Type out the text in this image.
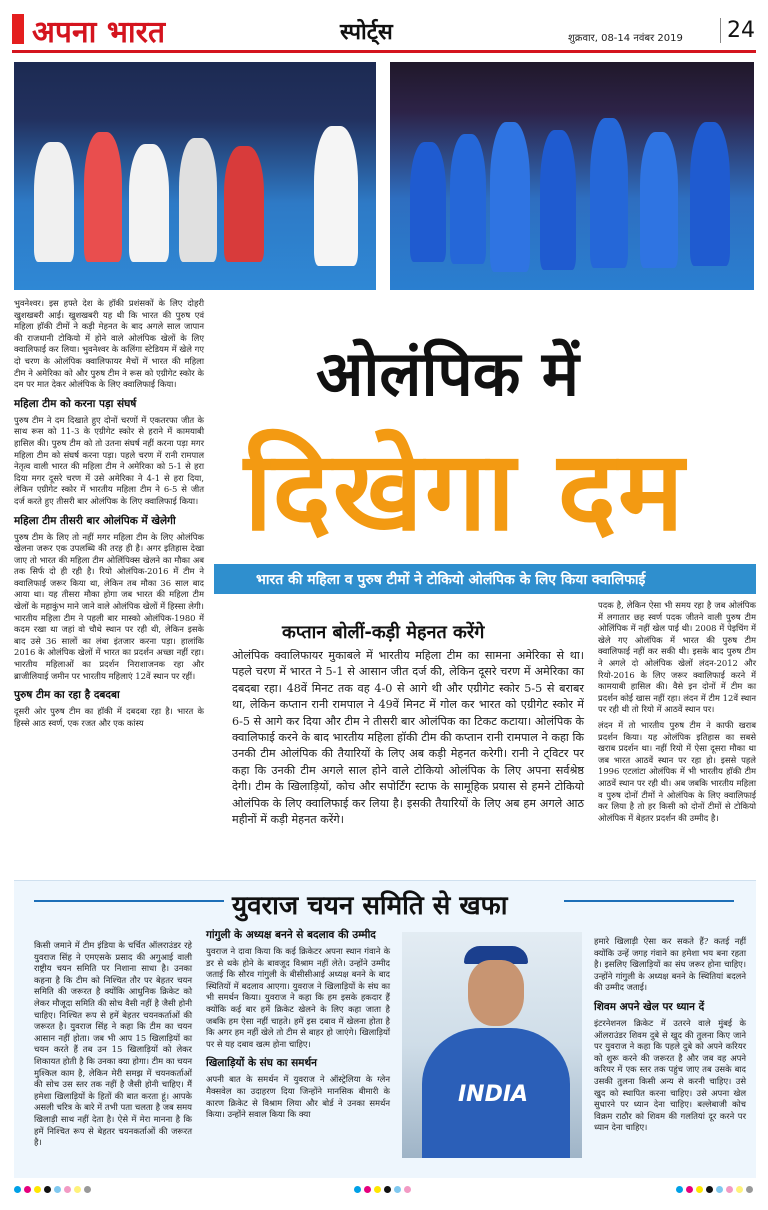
अपना भारत	स्पोर्ट्स	शुक्रवार, 08-14 नवंबर 2019	24

भुवनेश्वर। इस हफ्ते देश के हॉकी प्रशंसकों के लिए दोहरी खुशखबरी आई। खुशखबरी यह थी कि भारत की पुरुष एवं महिला हॉकी टीमों ने कड़ी मेहनत के बाद अगले साल जापान की राजधानी टोकियो में होने वाले ओलंपिक खेलों के लिए क्वालिफाई कर लिया। भुवनेश्वर के कलिंगा स्टेडियम में खेले गए दो चरण के ओलंपिक क्वालिफायर मैचों में भारत की महिला टीम ने अमेरिका को और पुरुष टीम ने रूस को एग्रीगेट स्कोर के दम पर मात देकर ओलंपिक के लिए क्वालिफाई किया।

महिला टीम को करना पड़ा संघर्ष

पुरुष टीम ने दम दिखाते हुए दोनों चरणों में एकतरफा जीत के साथ रूस को 11-3 के एग्रीगेट स्कोर से हराने में कामयाबी हासिल की। पुरुष टीम को तो उतना संघर्ष नहीं करना पड़ा मगर महिला टीम को संघर्ष करना पड़ा। पहले चरण में रानी रामपाल नेतृत्व वाली भारत की महिला टीम ने अमेरिका को 5-1 से हरा दिया मगर दूसरे चरण में उसे अमेरिका ने 4-1 से हरा दिया, लेकिन एग्रीगेट स्कोर में भारतीय महिला टीम ने 6-5 से जीत दर्ज करते हुए तीसरी बार ओलंपिक के लिए क्वालिफाई किया।

महिला टीम तीसरी बार ओलंपिक में खेलेगी

पुरुष टीम के लिए तो नहीं मगर महिला टीम के लिए ओलंपिक खेलना जरूर एक उपलब्धि की तरह ही है। अगर इतिहास देखा जाए तो भारत की महिला टीम ओलिंपिक्स खेलने का मौका अब तक सिर्फ दो ही रही है। रियो ओलंपिक-2016 में टीम ने क्वालिफाई जरूर किया था, लेकिन तब मौका 36 साल बाद आया था। यह तीसरा मौका होगा जब भारत की महिला टीम खेलों के महाकुंभ माने जाने वाले ओलंपिक खेलों में हिस्सा लेगी। भारतीय महिला टीम ने पहली बार मास्को ओलंपिक-1980 में कदम रखा था जहां वो चौथे स्थान पर रही थी, लेकिन इसके बाद उसे 36 सालों का लंबा इंतजार करना पड़ा। हालांकि 2016 के ओलंपिक खेलों में भारत का प्रदर्शन अच्छा नहीं रहा। भारतीय महिलाओं का प्रदर्शन निराशाजनक रहा और ब्राजीलियाई जमीन पर भारतीय महिलाएं 12वें स्थान पर रहीं।

पुरुष टीम का रहा है दबदबा

दूसरी ओर पुरुष टीम का हॉकी में दबदबा रहा है। भारत के हिस्से आठ स्वर्ण, एक रजत और एक कांस्य

ओलंपिक में
दिखेगा दम
भारत की महिला व पुरुष टीमों ने टोकियो ओलंपिक के लिए किया क्वालिफाई
कप्तान बोलीं-कड़ी मेहनत करेंगे

ओलंपिक क्वालिफायर मुकाबले में भारतीय महिला टीम का सामना अमेरिका से था। पहले चरण में भारत ने 5-1 से आसान जीत दर्ज की, लेकिन दूसरे चरण में अमेरिका का दबदबा रहा। 48वें मिनट तक वह 4-0 से आगे थी और एग्रीगेट स्कोर 5-5 से बराबर था, लेकिन कप्तान रानी रामपाल ने 49वें मिनट में गोल कर भारत को एग्रीगेट स्कोर में 6-5 से आगे कर दिया और टीम ने तीसरी बार ओलंपिक का टिकट कटाया। ओलंपिक के क्वालिफाई करने के बाद भारतीय महिला हॉकी टीम की कप्तान रानी रामपाल ने कहा कि उनकी टीम ओलंपिक की तैयारियों के लिए अब कड़ी मेहनत करेगी। रानी ने ट्विटर पर कहा कि उनकी टीम अगले साल होने वाले टोकियो ओलंपिक के लिए अपना सर्वश्रेष्ठ देगी। टीम के खिलाड़ियों, कोच और सपोर्टिंग स्टाफ के सामूहिक प्रयास से हमने टोकियो ओलंपिक के लिए क्वालिफाई कर लिया है। इसकी तैयारियों के लिए अब हम अगले आठ महीनों में कड़ी मेहनत करेंगे।

पदक है, लेकिन ऐसा भी समय रहा है जब ओलंपिक में लगातार छह स्वर्ण पदक जीतने वाली पुरुष टीम ओलिंपिक में नहीं खेल पाई थी। 2008 में पेइचिंग में खेले गए ओलंपिक में भारत की पुरुष टीम क्वालिफाई नहीं कर सकी थी। इसके बाद पुरुष टीम ने अगले दो ओलंपिक खेलों लंदन-2012 और रियो-2016 के लिए जरूर क्वालिफाई करने में कामयाबी हासिल की। वैसे इन दोनों में टीम का प्रदर्शन कोई खास नहीं रहा। लंदन में टीम 12वें स्थान पर रही थी तो रियो में आठवें स्थान पर।

लंदन में तो भारतीय पुरुष टीम ने काफी खराब प्रदर्शन किया। यह ओलंपिक इतिहास का सबसे खराब प्रदर्शन था। नहीं रियो में ऐसा दूसरा मौका था जब भारत आठवें स्थान पर रहा हो। इससे पहले 1996 एटलांटा ओलंपिक में भी भारतीय हॉकी टीम आठवें स्थान पर रही थी। अब जबकि भारतीय महिला व पुरुष दोनों टीमों ने ओलंपिक के लिए क्वालिफाई कर लिया है तो हर किसी को दोनों टीमों से टोकियो ओलंपिक में बेहतर प्रदर्शन की उम्मीद है।

युवराज चयन समिति से खफा

किसी जमाने में टीम इंडिया के चर्चित ऑलराउंडर रहे युवराज सिंह ने एमएसके प्रसाद की अगुआई वाली राष्ट्रीय चयन समिति पर निशाना साधा है। उनका कहना है कि टीम को निश्चित तौर पर बेहतर चयन समिति की जरूरत है क्योंकि आधुनिक क्रिकेट को लेकर मौजूदा समिति की सोच वैसी नहीं है जैसी होनी चाहिए। निश्चित रूप से हमें बेहतर चयनकर्ताओं की जरूरत है। युवराज सिंह ने कहा कि टीम का चयन आसान नहीं होता। जब भी आप 15 खिलाड़ियों का चयन करते हैं तब उन 15 खिलाड़ियों को लेकर शिकायत होती है कि उनका क्या होगा। टीम का चयन मुश्किल काम है, लेकिन मेरी समझ में चयनकर्ताओं की सोच उस स्तर तक नहीं है जैसी होनी चाहिए। मैं हमेशा खिलाड़ियों के हितों की बात करता हूं। आपके असली चरित्र के बारे में तभी पता चलता है जब समय खिलाड़ी साथ नहीं देता है। ऐसे में मेरा मानना है कि हमें निश्चित रूप से बेहतर चयनकर्ताओं की जरूरत है।

गांगुली के अध्यक्ष बनने से बदलाव की उम्मीद

युवराज ने दावा किया कि कई क्रिकेटर अपना स्थान गंवाने के डर से थके होने के बावजूद विश्राम नहीं लेते। उन्होंने उम्मीद जताई कि सौरव गांगुली के बीसीसीआई अध्यक्ष बनने के बाद स्थितियों में बदलाव आएगा। युवराज ने खिलाड़ियों के संघ का भी समर्थन किया। युवराज ने कहा कि हम इसके हकदार हैं क्योंकि कई बार हमें क्रिकेट खेलने के लिए कहा जाता है जबकि हम ऐसा नहीं चाहते। हमें इस दबाव में खेलना होता है कि अगर हम नहीं खेले तो टीम से बाहर हो जाएंगे। खिलाड़ियों पर से यह दबाव खत्म होना चाहिए।

खिलाड़ियों के संघ का समर्थन

अपनी बात के समर्थन में युवराज ने ऑस्ट्रेलिया के ग्लेन मैक्सवेल का उदाहरण दिया जिन्होंने मानसिक बीमारी के कारण क्रिकेट से विश्राम लिया और बोर्ड ने उनका समर्थन किया। उन्होंने सवाल किया कि क्या

INDIA

हमारे खिलाड़ी ऐसा कर सकते हैं? कतई नहीं क्योंकि उन्हें जगह गंवाने का हमेशा भय बना रहता है। इसलिए खिलाड़ियों का संघ जरूर होना चाहिए। उन्होंने गांगुली के अध्यक्ष बनने के स्थितियां बदलने की उम्मीद जताई।

शिवम अपने खेल पर ध्यान दें

इंटरनेशनल क्रिकेट में उतरने वाले मुंबई के ऑलराउंडर शिवम दुबे से खुद की तुलना किए जाने पर युवराज ने कहा कि पहले दुबे को अपने करियर को शुरू करने की जरूरत है और जब वह अपने करियर में एक स्तर तक पहुंच जाए तब उसके बाद उसकी तुलना किसी अन्य से करनी चाहिए। उसे खुद को स्थापित करना चाहिए। उसे अपना खेल सुधारने पर ध्यान देना चाहिए। बल्लेबाजी कोच विक्रम राठौर को शिवम की गलतियां दूर करने पर ध्यान देना चाहिए।
